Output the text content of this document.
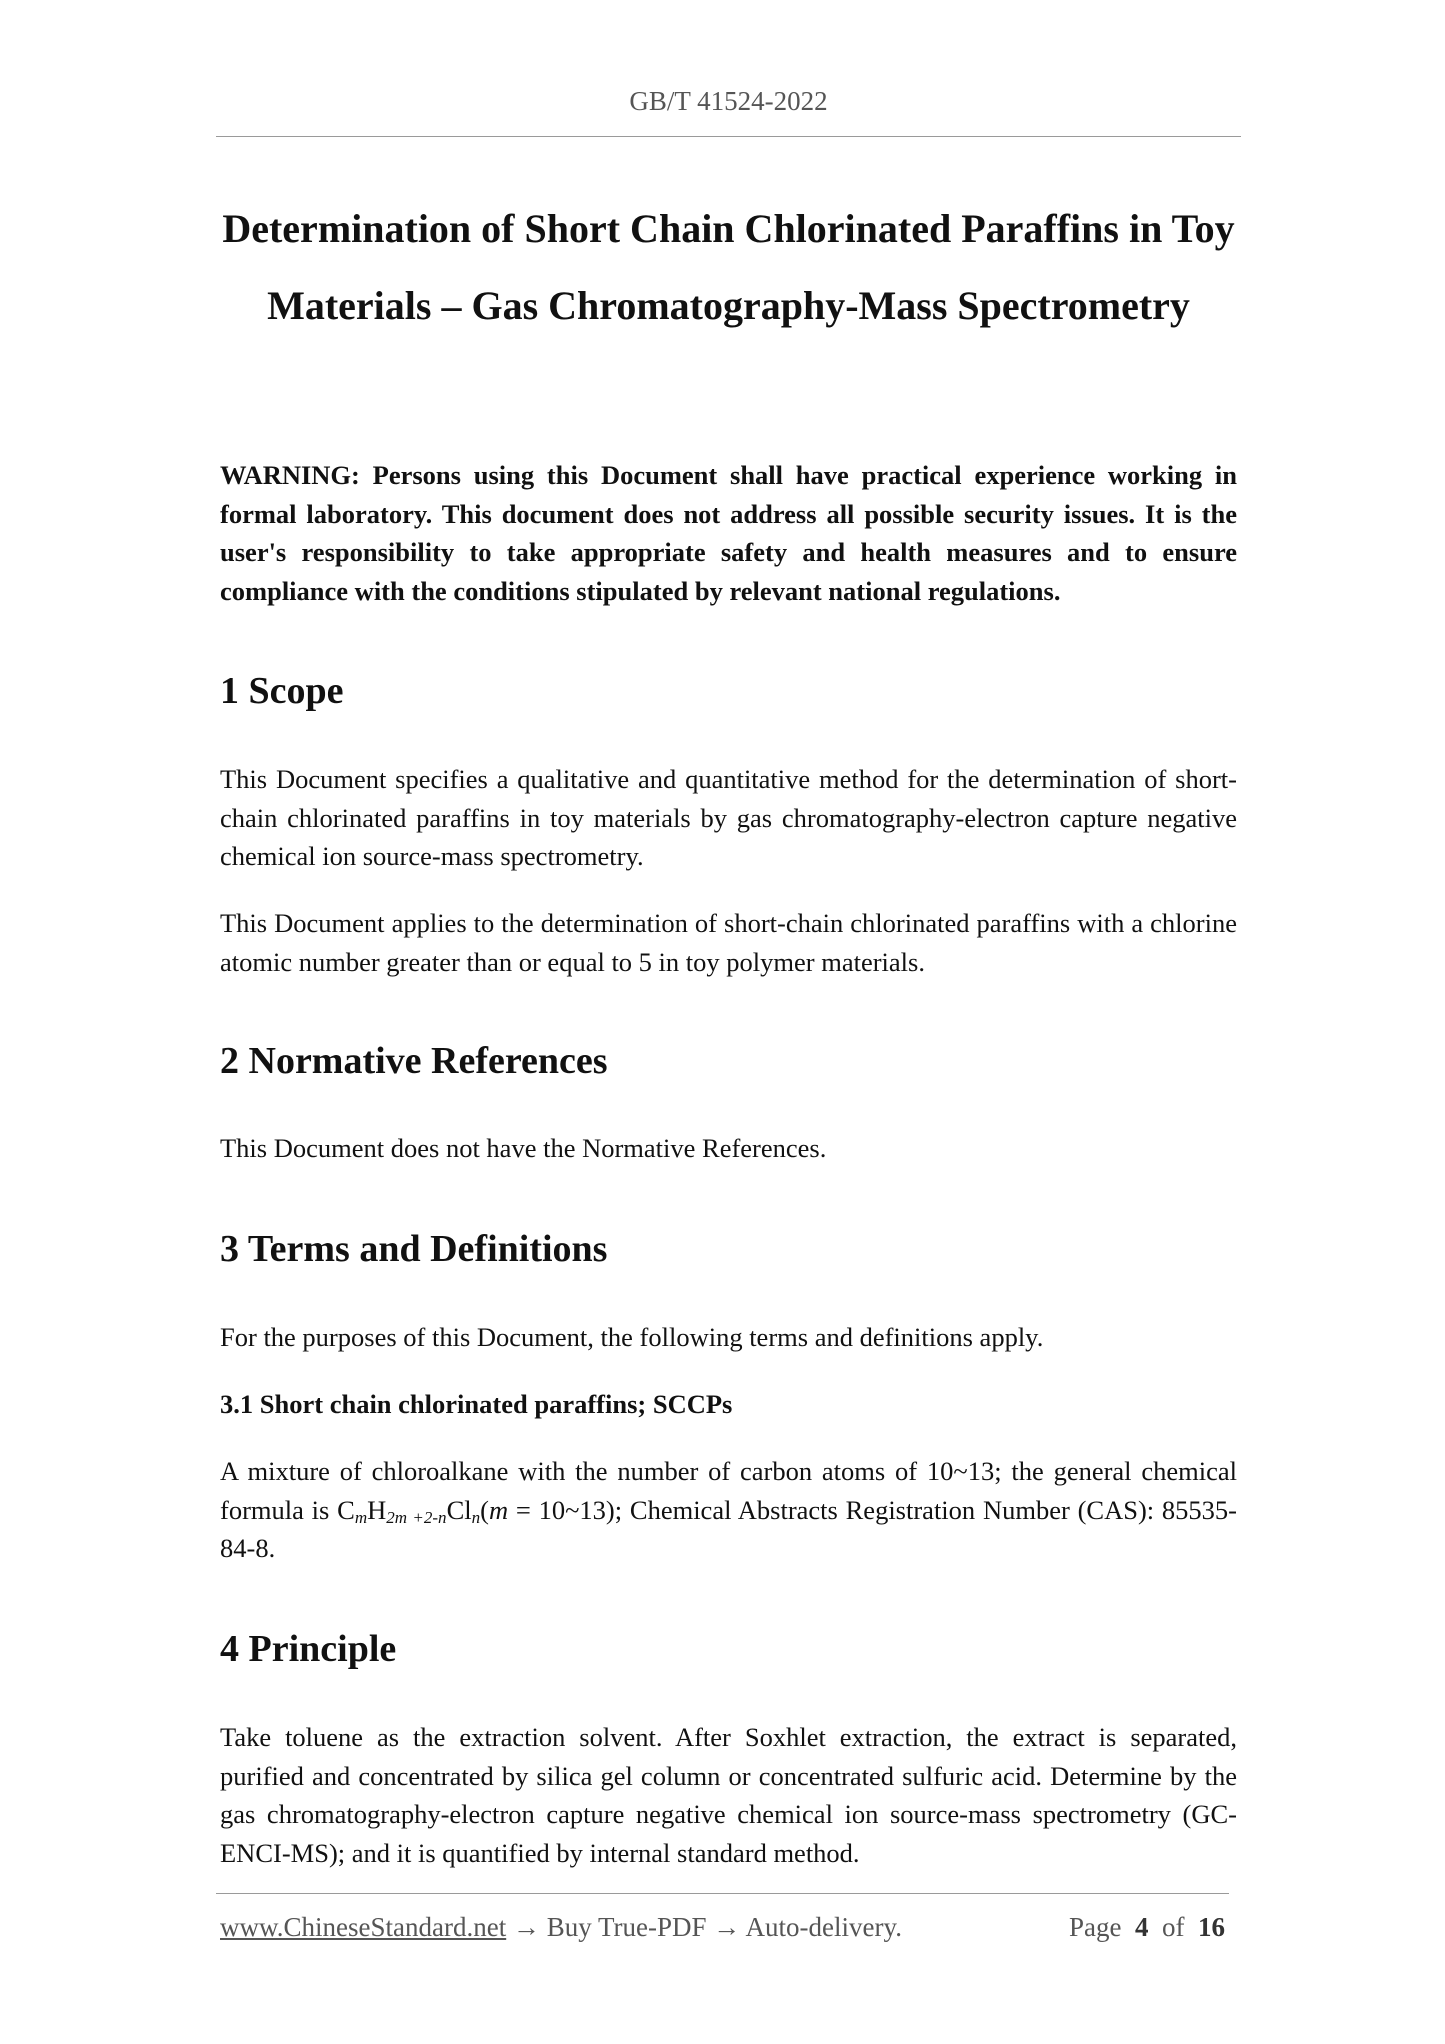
GB/T 41524-2022
Determination of Short Chain Chlorinated Paraffins in Toy
Materials – Gas Chromatography-Mass Spectrometry

WARNING: Persons using this Document shall have practical experience working in formal laboratory. This document does not address all possible security issues. It is the user's responsibility to take appropriate safety and health measures and to ensure compliance with the conditions stipulated by relevant national regulations.

1 Scope

This Document specifies a qualitative and quantitative method for the determination of short-chain chlorinated paraffins in toy materials by gas chromatography-electron capture negative chemical ion source-mass spectrometry.

This Document applies to the determination of short-chain chlorinated paraffins with a chlorine atomic number greater than or equal to 5 in toy polymer materials.

2 Normative References

This Document does not have the Normative References.

3 Terms and Definitions

For the purposes of this Document, the following terms and definitions apply.

3.1 Short chain chlorinated paraffins; SCCPs

A mixture of chloroalkane with the number of carbon atoms of 10~13; the general chemical formula is CmH2m +2-nCln(m = 10~13); Chemical Abstracts Registration Number (CAS): 85535-84-8.

4 Principle

Take toluene as the extraction solvent. After Soxhlet extraction, the extract is separated, purified and concentrated by silica gel column or concentrated sulfuric acid. Determine by the gas chromatography-electron capture negative chemical ion source-mass spectrometry (GC-ENCI-MS); and it is quantified by internal standard method.

www.ChineseStandard.net → Buy True-PDF → Auto-delivery.	Page 4 of 16
